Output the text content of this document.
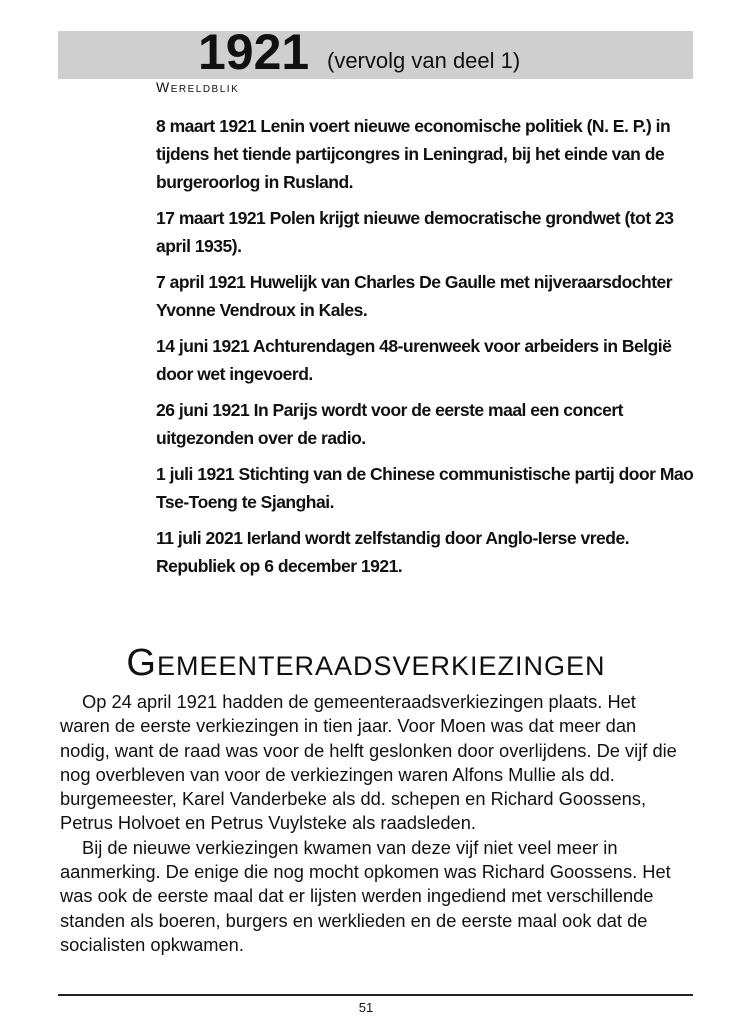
1921 (vervolg van deel 1)
Wereldblik
8 maart 1921 Lenin voert nieuwe economische politiek (N. E. P.) in tijdens het tiende partijcongres in Leningrad, bij het einde van de burgeroorlog in Rusland.
17 maart 1921 Polen krijgt nieuwe democratische grondwet (tot 23 april 1935).
7 april 1921 Huwelijk van Charles De Gaulle met nijveraarsdochter Yvonne Vendroux in Kales.
14 juni 1921 Achturendagen 48-urenweek voor arbeiders in België door wet ingevoerd.
26 juni 1921 In Parijs wordt voor de eerste maal een concert uitgezonden over de radio.
1 juli 1921 Stichting van de Chinese communistische partij door Mao Tse-Toeng te Sjanghai.
11 juli 2021 Ierland wordt zelfstandig door Anglo-Ierse vrede. Republiek op 6 december 1921.
Gemeenteraadsverkiezingen

Op 24 april 1921 hadden de gemeenteraadsverkiezingen plaats. Het waren de eerste verkiezingen in tien jaar. Voor Moen was dat meer dan nodig, want de raad was voor de helft geslonken door overlijdens. De vijf die nog overbleven van voor de verkiezingen waren Alfons Mullie als dd. burgemeester, Karel Vanderbeke als dd. schepen en Richard Goossens, Petrus Holvoet en Petrus Vuylsteke als raadsleden.

Bij de nieuwe verkiezingen kwamen van deze vijf niet veel meer in aanmerking. De enige die nog mocht opkomen was Richard Goossens. Het was ook de eerste maal dat er lijsten werden ingediend met verschillende standen als boeren, burgers en werklieden en de eerste maal ook dat de socialisten opkwamen.

51
